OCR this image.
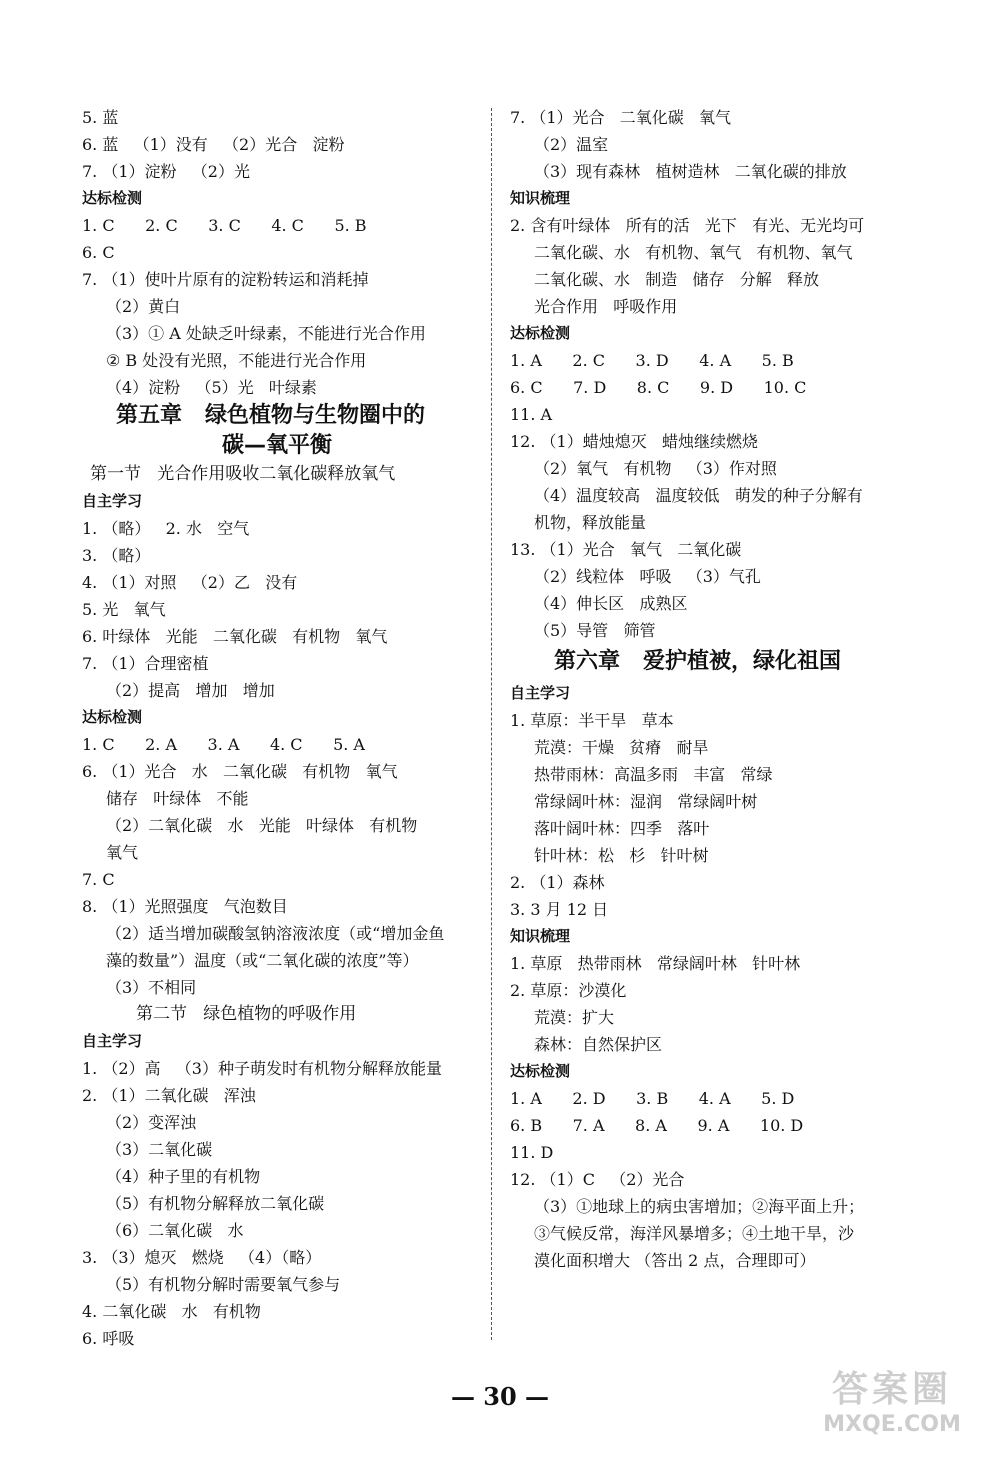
5. 蓝
6. 蓝   （1）没有   （2）光合   淀粉
7. （1）淀粉   （2）光
达标检测
1. C      2. C      3. C      4. C      5. B
6. C
7. （1）使叶片原有的淀粉转运和消耗掉
（2）黄白
（3）① A 处缺乏叶绿素，不能进行光合作用
② B 处没有光照，不能进行光合作用
（4）淀粉   （5）光   叶绿素
第五章   绿色植物与生物圈中的
碳—氧平衡
第一节   光合作用吸收二氧化碳释放氧气
自主学习
1. （略）   2. 水   空气
3. （略）
4. （1）对照   （2）乙   没有
5. 光   氧气
6. 叶绿体   光能   二氧化碳   有机物   氧气
7. （1）合理密植
（2）提高   增加   增加
达标检测
1. C      2. A      3. A      4. C      5. A
6. （1）光合   水   二氧化碳   有机物   氧气
储存   叶绿体   不能
（2）二氧化碳   水   光能   叶绿体   有机物
氧气
7. C
8. （1）光照强度   气泡数目
（2）适当增加碳酸氢钠溶液浓度（或“增加金鱼
藻的数量”）温度（或“二氧化碳的浓度”等）
（3）不相同
第二节   绿色植物的呼吸作用
自主学习
1. （2）高   （3）种子萌发时有机物分解释放能量
2. （1）二氧化碳   浑浊
（2）变浑浊
（3）二氧化碳
（4）种子里的有机物
（5）有机物分解释放二氧化碳
（6）二氧化碳   水
3. （3）熄灭   燃烧   （4）（略）
（5）有机物分解时需要氧气参与
4. 二氧化碳   水   有机物
6. 呼吸
7. （1）光合   二氧化碳   氧气
（2）温室
（3）现有森林   植树造林   二氧化碳的排放
知识梳理
2. 含有叶绿体   所有的活   光下   有光、无光均可
二氧化碳、水   有机物、氧气   有机物、氧气
二氧化碳、水   制造   储存   分解   释放
光合作用   呼吸作用
达标检测
1. A      2. C      3. D      4. A      5. B
6. C      7. D      8. C      9. D      10. C
11. A
12. （1）蜡烛熄灭   蜡烛继续燃烧
（2）氧气   有机物   （3）作对照
（4）温度较高   温度较低   萌发的种子分解有
机物，释放能量
13. （1）光合   氧气   二氧化碳
（2）线粒体   呼吸   （3）气孔
（4）伸长区   成熟区
（5）导管   筛管
第六章   爱护植被，绿化祖国
自主学习
1. 草原：半干旱   草本
荒漠：干燥   贫瘠   耐旱
热带雨林：高温多雨   丰富   常绿
常绿阔叶林：湿润   常绿阔叶树
落叶阔叶林：四季   落叶
针叶林：松   杉   针叶树
2. （1）森林
3. 3 月 12 日
知识梳理
1. 草原   热带雨林   常绿阔叶林   针叶林
2. 草原：沙漠化
荒漠：扩大
森林：自然保护区
达标检测
1. A      2. D      3. B      4. A      5. D
6. B      7. A      8. A      9. A      10. D
11. D
12. （1）C   （2）光合
（3）①地球上的病虫害增加；②海平面上升；
③气候反常，海洋风暴增多；④土地干旱，沙
漠化面积增大 （答出 2 点，合理即可）
— 30 —	答案圈
MXQE.COM
